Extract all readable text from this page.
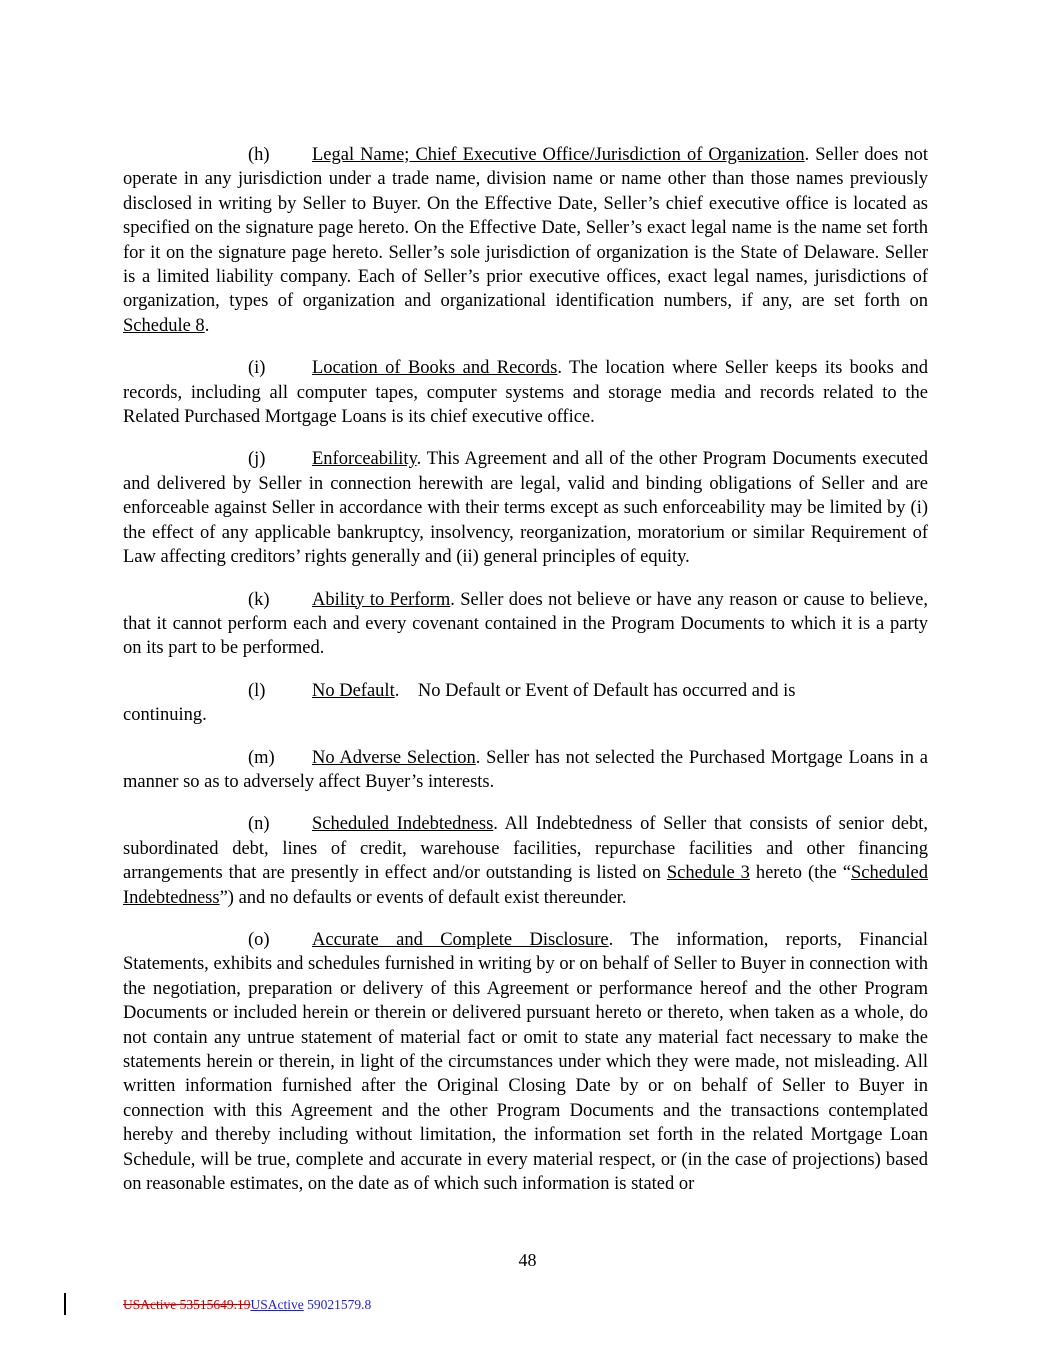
(h) Legal Name; Chief Executive Office/Jurisdiction of Organization. Seller does not operate in any jurisdiction under a trade name, division name or name other than those names previously disclosed in writing by Seller to Buyer. On the Effective Date, Seller’s chief executive office is located as specified on the signature page hereto. On the Effective Date, Seller’s exact legal name is the name set forth for it on the signature page hereto. Seller’s sole jurisdiction of organization is the State of Delaware. Seller is a limited liability company. Each of Seller’s prior executive offices, exact legal names, jurisdictions of organization, types of organization and organizational identification numbers, if any, are set forth on Schedule 8.

(i)	Location of Books and Records. The location where Seller keeps its books and records, including all computer tapes, computer systems and storage media and records related to the Related Purchased Mortgage Loans is its chief executive office.

(j)	Enforceability. This Agreement and all of the other Program Documents executed and delivered by Seller in connection herewith are legal, valid and binding obligations of Seller and are enforceable against Seller in accordance with their terms except as such enforceability may be limited by (i) the effect of any applicable bankruptcy, insolvency, reorganization, moratorium or similar Requirement of Law affecting creditors’ rights generally and (ii) general principles of equity.

(k) Ability to Perform. Seller does not believe or have any reason or cause to believe, that it cannot perform each and every covenant contained in the Program Documents to which it is a party on its part to be performed.

(l)	No Default.    No Default or Event of Default has occurred and is
continuing.

(m) No Adverse Selection. Seller has not selected the Purchased Mortgage Loans in a manner so as to adversely affect Buyer’s interests.

(n) Scheduled Indebtedness. All Indebtedness of Seller that consists of senior debt, subordinated debt, lines of credit, warehouse facilities, repurchase facilities and other financing arrangements that are presently in effect and/or outstanding is listed on Schedule 3 hereto (the “Scheduled Indebtedness”) and no defaults or events of default exist thereunder.

(o) Accurate and Complete Disclosure. The information, reports, Financial Statements, exhibits and schedules furnished in writing by or on behalf of Seller to Buyer in connection with the negotiation, preparation or delivery of this Agreement or performance hereof and the other Program Documents or included herein or therein or delivered pursuant hereto or thereto, when taken as a whole, do not contain any untrue statement of material fact or omit to state any material fact necessary to make the statements herein or therein, in light of the circumstances under which they were made, not misleading. All written information furnished after the Original Closing Date by or on behalf of Seller to Buyer in connection with this Agreement and the other Program Documents and the transactions contemplated hereby and thereby including without limitation, the information set forth in the related Mortgage Loan Schedule, will be true, complete and accurate in every material respect, or (in the case of projections) based on reasonable estimates, on the date as of which such information is stated or

48
USActive 53515649.19USActive 59021579.8
